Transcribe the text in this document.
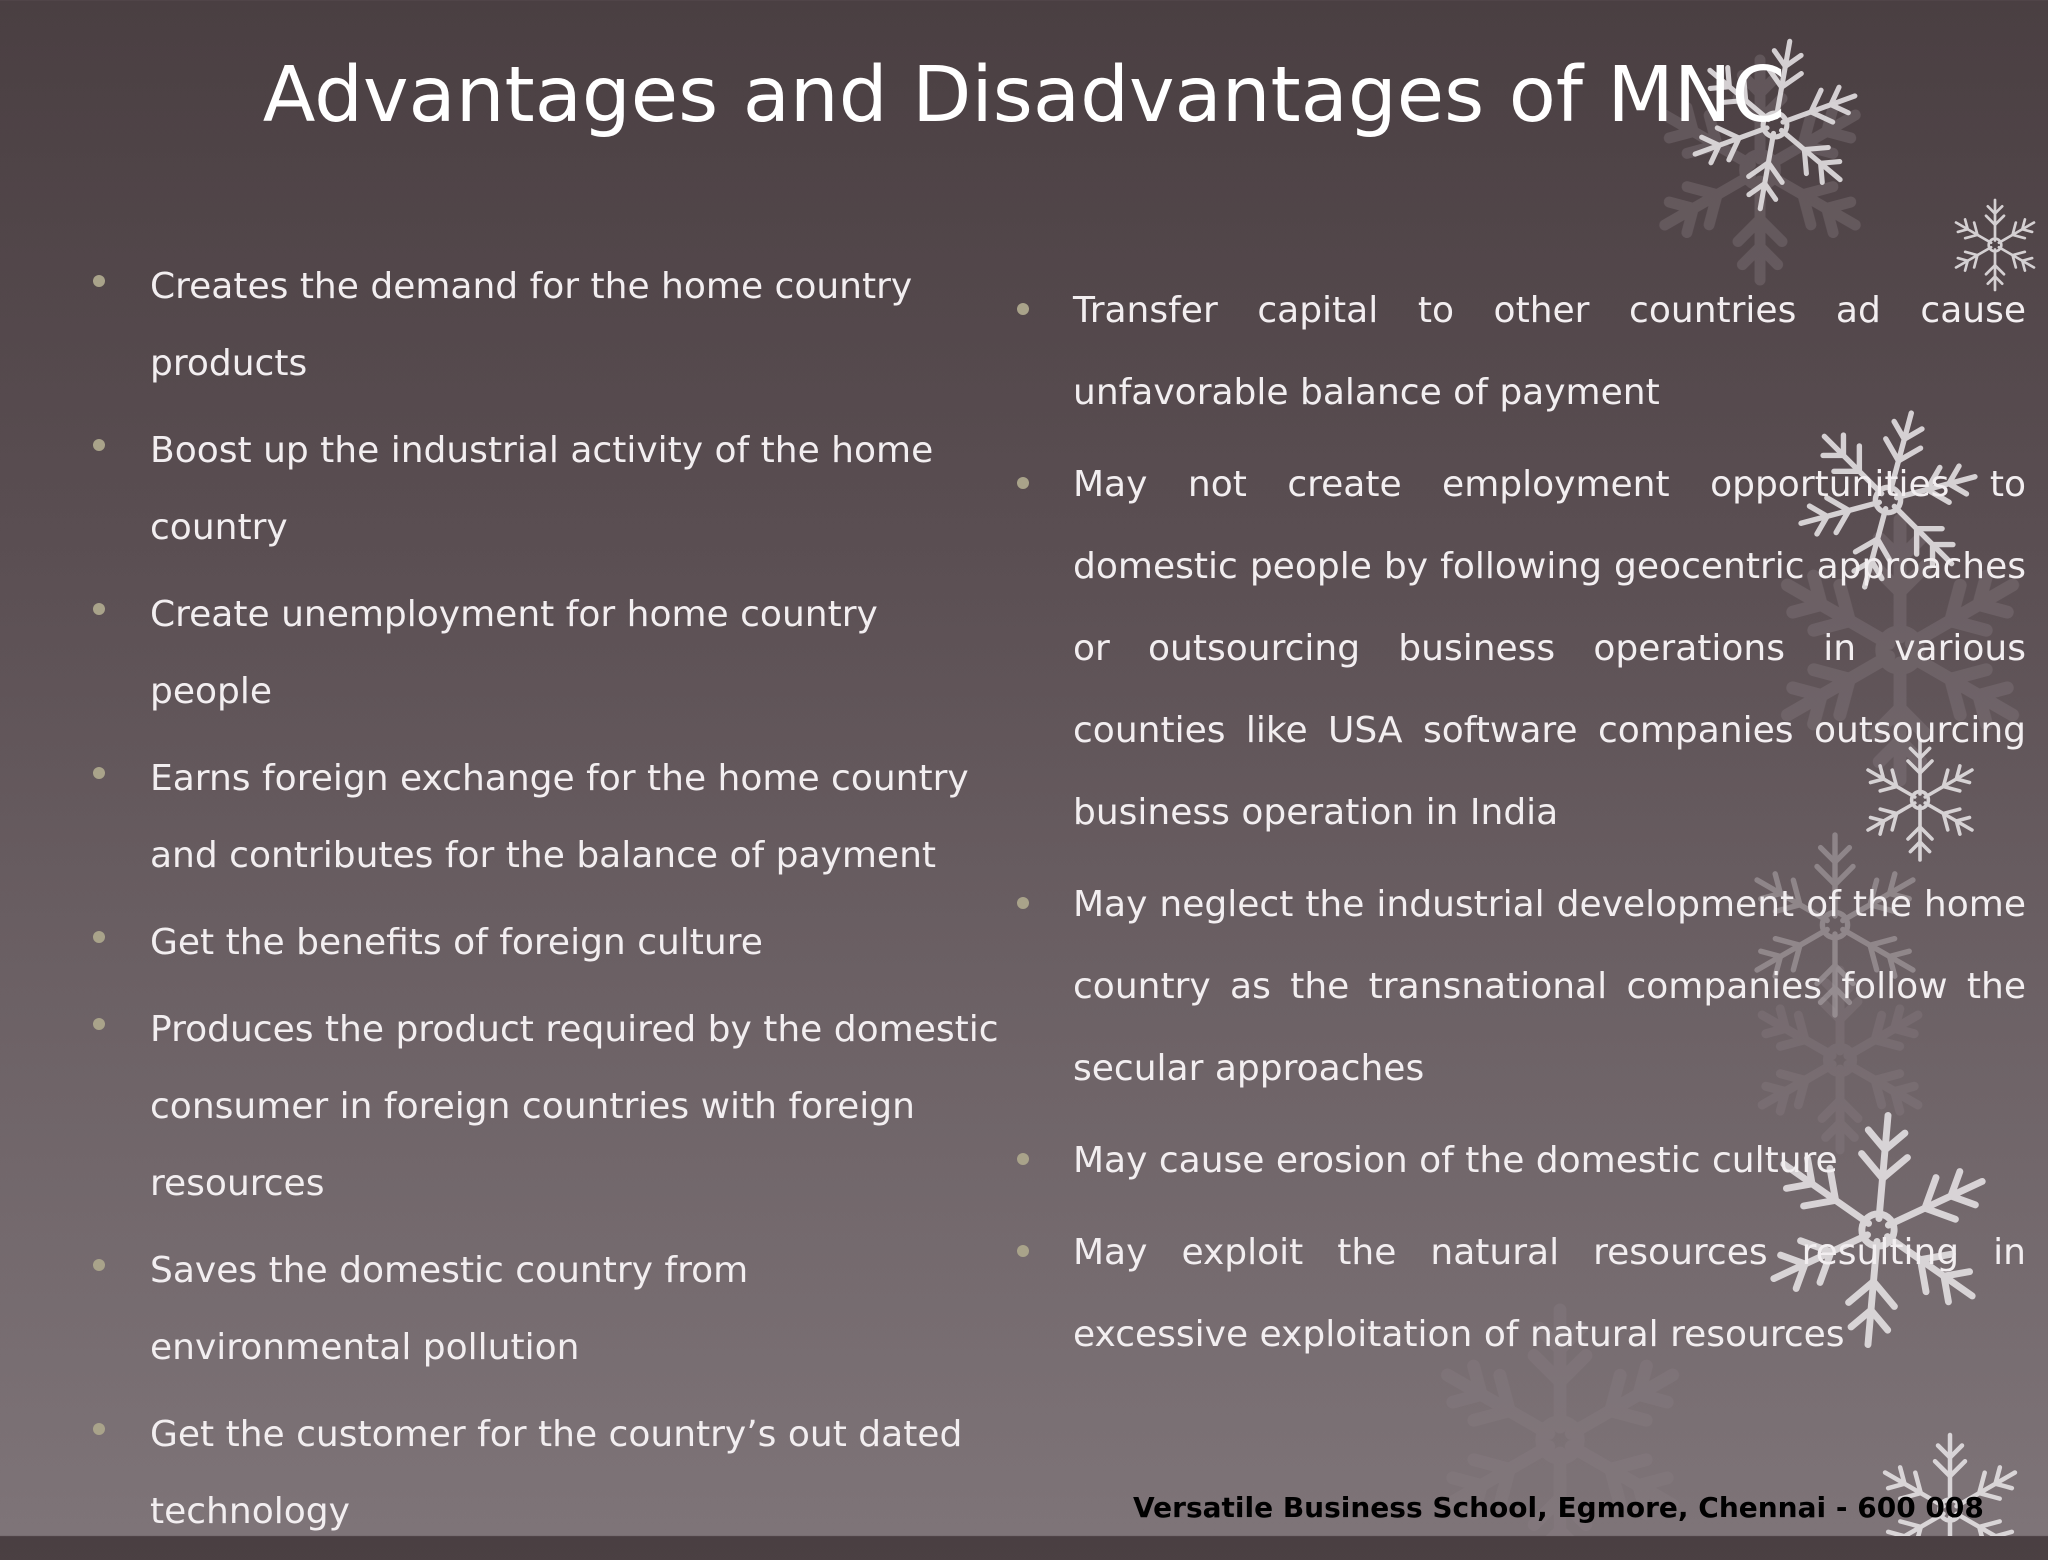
Advantages and Disadvantages of MNC
Creates the demand for the home country products
Boost up the industrial activity of the home country
Create unemployment for home country people
Earns foreign exchange for the home country and contributes for the balance of payment
Get the benefits of foreign culture
Produces the product required by the domestic consumer in foreign countries with foreign resources
Saves the domestic country from environmental pollution
Get the customer for the country’s out dated technology
Transfer capital to other countries ad cause unfavorable balance of payment
May not create employment opportunities to domestic people by following geocentric approaches or outsourcing business operations in various counties like USA software companies outsourcing business operation in India
May neglect the industrial development of the home country as the transnational companies follow the secular approaches
May cause erosion of the domestic culture
May exploit the natural resources resulting in excessive exploitation of natural resources
Versatile Business School, Egmore, Chennai - 600 008
